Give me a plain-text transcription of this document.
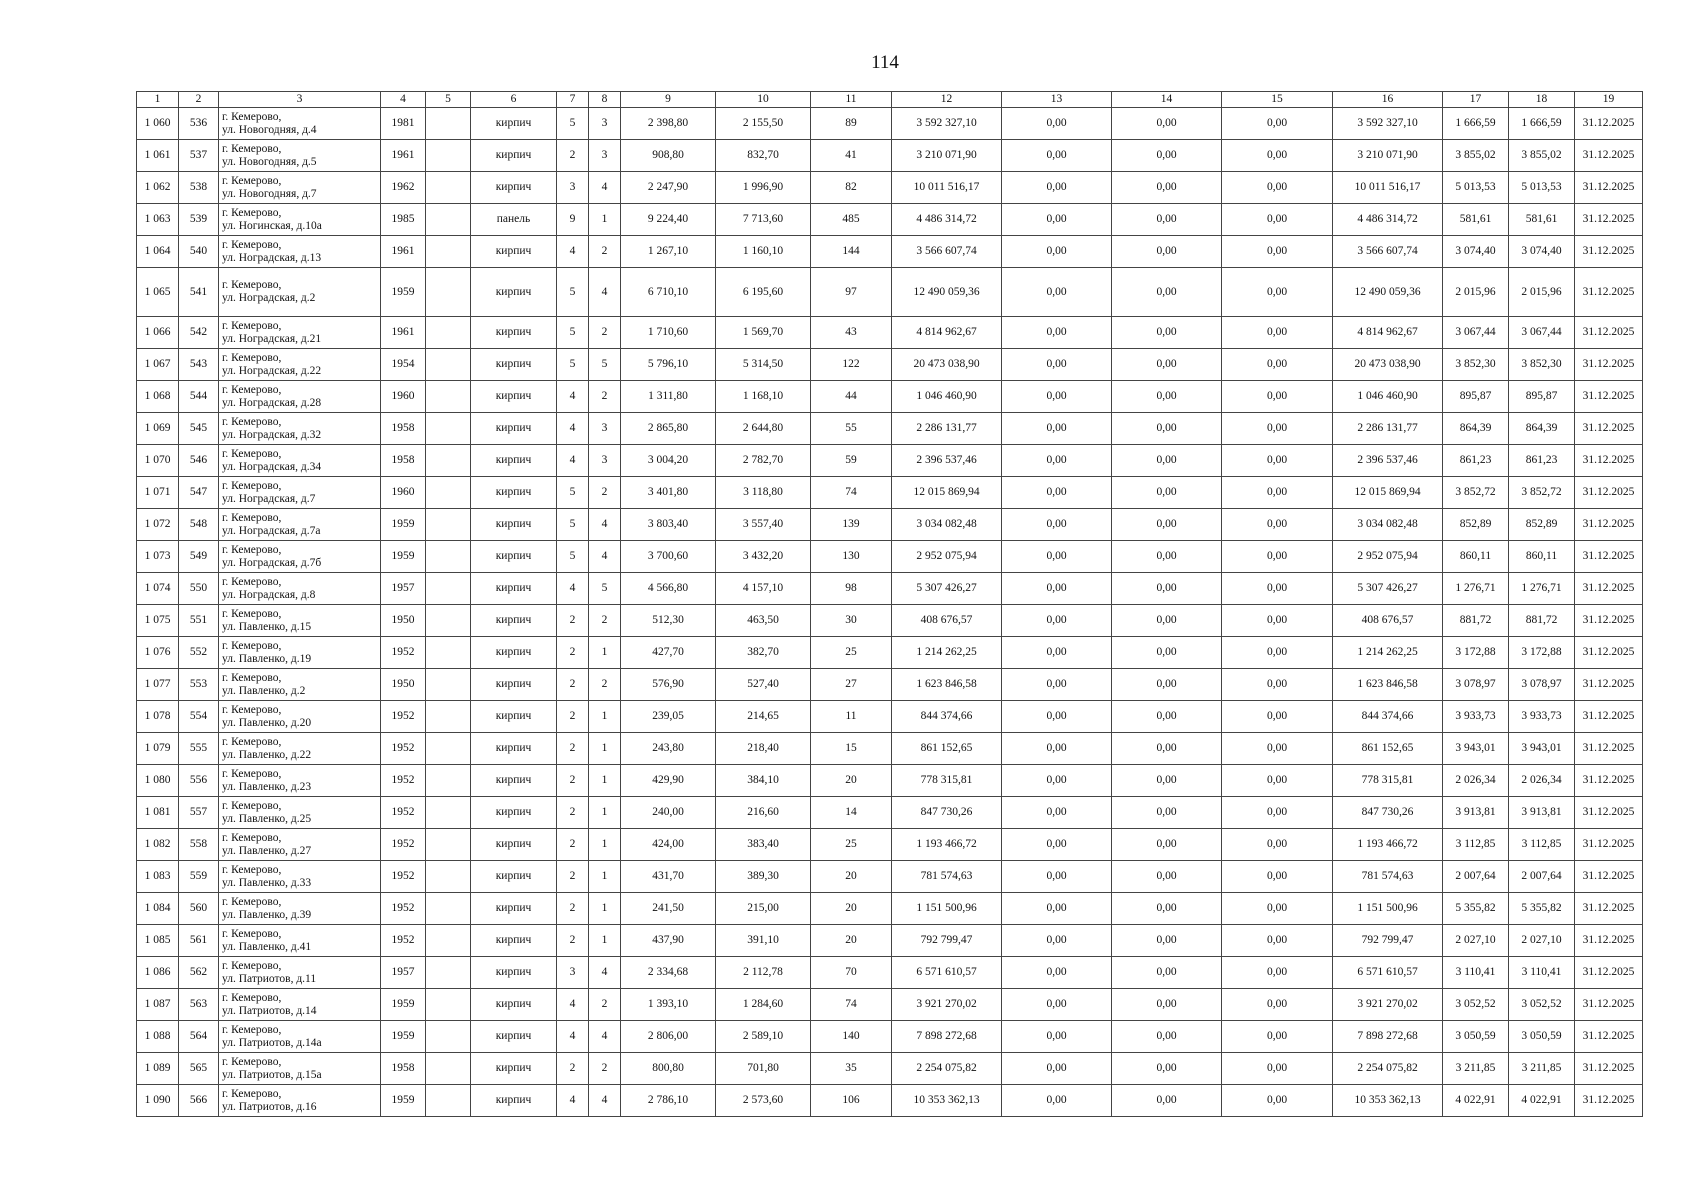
114
1	2	3	4	5	6	7	8	9	10	11	12	13	14	15	16	17	18	19
1 060	536	г. Кемерово,
ул. Новогодняя, д.4	1981		кирпич	5	3	2 398,80	2 155,50	89	3 592 327,10	0,00	0,00	0,00	3 592 327,10	1 666,59	1 666,59	31.12.2025
1 061	537	г. Кемерово,
ул. Новогодняя, д.5	1961		кирпич	2	3	908,80	832,70	41	3 210 071,90	0,00	0,00	0,00	3 210 071,90	3 855,02	3 855,02	31.12.2025
1 062	538	г. Кемерово,
ул. Новогодняя, д.7	1962		кирпич	3	4	2 247,90	1 996,90	82	10 011 516,17	0,00	0,00	0,00	10 011 516,17	5 013,53	5 013,53	31.12.2025
1 063	539	г. Кемерово,
ул. Ногинская, д.10а	1985		панель	9	1	9 224,40	7 713,60	485	4 486 314,72	0,00	0,00	0,00	4 486 314,72	581,61	581,61	31.12.2025
1 064	540	г. Кемерово,
ул. Ноградская, д.13	1961		кирпич	4	2	1 267,10	1 160,10	144	3 566 607,74	0,00	0,00	0,00	3 566 607,74	3 074,40	3 074,40	31.12.2025
1 065	541	г. Кемерово,
ул. Ноградская, д.2	1959		кирпич	5	4	6 710,10	6 195,60	97	12 490 059,36	0,00	0,00	0,00	12 490 059,36	2 015,96	2 015,96	31.12.2025
1 066	542	г. Кемерово,
ул. Ноградская, д.21	1961		кирпич	5	2	1 710,60	1 569,70	43	4 814 962,67	0,00	0,00	0,00	4 814 962,67	3 067,44	3 067,44	31.12.2025
1 067	543	г. Кемерово,
ул. Ноградская, д.22	1954		кирпич	5	5	5 796,10	5 314,50	122	20 473 038,90	0,00	0,00	0,00	20 473 038,90	3 852,30	3 852,30	31.12.2025
1 068	544	г. Кемерово,
ул. Ноградская, д.28	1960		кирпич	4	2	1 311,80	1 168,10	44	1 046 460,90	0,00	0,00	0,00	1 046 460,90	895,87	895,87	31.12.2025
1 069	545	г. Кемерово,
ул. Ноградская, д.32	1958		кирпич	4	3	2 865,80	2 644,80	55	2 286 131,77	0,00	0,00	0,00	2 286 131,77	864,39	864,39	31.12.2025
1 070	546	г. Кемерово,
ул. Ноградская, д.34	1958		кирпич	4	3	3 004,20	2 782,70	59	2 396 537,46	0,00	0,00	0,00	2 396 537,46	861,23	861,23	31.12.2025
1 071	547	г. Кемерово,
ул. Ноградская, д.7	1960		кирпич	5	2	3 401,80	3 118,80	74	12 015 869,94	0,00	0,00	0,00	12 015 869,94	3 852,72	3 852,72	31.12.2025
1 072	548	г. Кемерово,
ул. Ноградская, д.7а	1959		кирпич	5	4	3 803,40	3 557,40	139	3 034 082,48	0,00	0,00	0,00	3 034 082,48	852,89	852,89	31.12.2025
1 073	549	г. Кемерово,
ул. Ноградская, д.7б	1959		кирпич	5	4	3 700,60	3 432,20	130	2 952 075,94	0,00	0,00	0,00	2 952 075,94	860,11	860,11	31.12.2025
1 074	550	г. Кемерово,
ул. Ноградская, д.8	1957		кирпич	4	5	4 566,80	4 157,10	98	5 307 426,27	0,00	0,00	0,00	5 307 426,27	1 276,71	1 276,71	31.12.2025
1 075	551	г. Кемерово,
ул. Павленко, д.15	1950		кирпич	2	2	512,30	463,50	30	408 676,57	0,00	0,00	0,00	408 676,57	881,72	881,72	31.12.2025
1 076	552	г. Кемерово,
ул. Павленко, д.19	1952		кирпич	2	1	427,70	382,70	25	1 214 262,25	0,00	0,00	0,00	1 214 262,25	3 172,88	3 172,88	31.12.2025
1 077	553	г. Кемерово,
ул. Павленко, д.2	1950		кирпич	2	2	576,90	527,40	27	1 623 846,58	0,00	0,00	0,00	1 623 846,58	3 078,97	3 078,97	31.12.2025
1 078	554	г. Кемерово,
ул. Павленко, д.20	1952		кирпич	2	1	239,05	214,65	11	844 374,66	0,00	0,00	0,00	844 374,66	3 933,73	3 933,73	31.12.2025
1 079	555	г. Кемерово,
ул. Павленко, д.22	1952		кирпич	2	1	243,80	218,40	15	861 152,65	0,00	0,00	0,00	861 152,65	3 943,01	3 943,01	31.12.2025
1 080	556	г. Кемерово,
ул. Павленко, д.23	1952		кирпич	2	1	429,90	384,10	20	778 315,81	0,00	0,00	0,00	778 315,81	2 026,34	2 026,34	31.12.2025
1 081	557	г. Кемерово,
ул. Павленко, д.25	1952		кирпич	2	1	240,00	216,60	14	847 730,26	0,00	0,00	0,00	847 730,26	3 913,81	3 913,81	31.12.2025
1 082	558	г. Кемерово,
ул. Павленко, д.27	1952		кирпич	2	1	424,00	383,40	25	1 193 466,72	0,00	0,00	0,00	1 193 466,72	3 112,85	3 112,85	31.12.2025
1 083	559	г. Кемерово,
ул. Павленко, д.33	1952		кирпич	2	1	431,70	389,30	20	781 574,63	0,00	0,00	0,00	781 574,63	2 007,64	2 007,64	31.12.2025
1 084	560	г. Кемерово,
ул. Павленко, д.39	1952		кирпич	2	1	241,50	215,00	20	1 151 500,96	0,00	0,00	0,00	1 151 500,96	5 355,82	5 355,82	31.12.2025
1 085	561	г. Кемерово,
ул. Павленко, д.41	1952		кирпич	2	1	437,90	391,10	20	792 799,47	0,00	0,00	0,00	792 799,47	2 027,10	2 027,10	31.12.2025
1 086	562	г. Кемерово,
ул. Патриотов, д.11	1957		кирпич	3	4	2 334,68	2 112,78	70	6 571 610,57	0,00	0,00	0,00	6 571 610,57	3 110,41	3 110,41	31.12.2025
1 087	563	г. Кемерово,
ул. Патриотов, д.14	1959		кирпич	4	2	1 393,10	1 284,60	74	3 921 270,02	0,00	0,00	0,00	3 921 270,02	3 052,52	3 052,52	31.12.2025
1 088	564	г. Кемерово,
ул. Патриотов, д.14а	1959		кирпич	4	4	2 806,00	2 589,10	140	7 898 272,68	0,00	0,00	0,00	7 898 272,68	3 050,59	3 050,59	31.12.2025
1 089	565	г. Кемерово,
ул. Патриотов, д.15а	1958		кирпич	2	2	800,80	701,80	35	2 254 075,82	0,00	0,00	0,00	2 254 075,82	3 211,85	3 211,85	31.12.2025
1 090	566	г. Кемерово,
ул. Патриотов, д.16	1959		кирпич	4	4	2 786,10	2 573,60	106	10 353 362,13	0,00	0,00	0,00	10 353 362,13	4 022,91	4 022,91	31.12.2025
